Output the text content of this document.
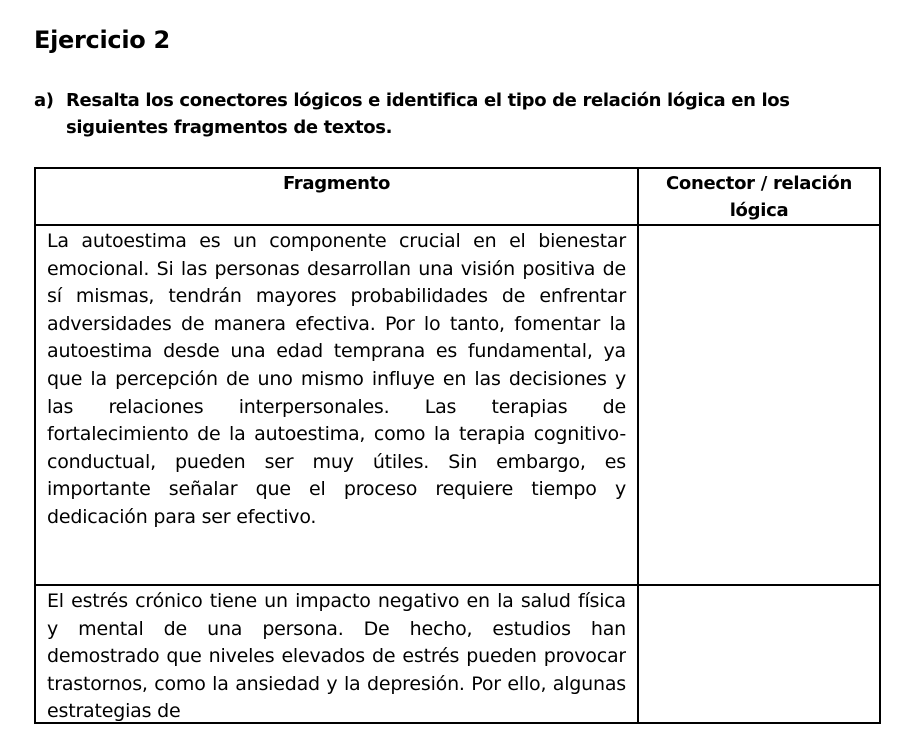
Ejercicio 2
a) Resalta los conectores lógicos e identifica el tipo de relación lógica en los siguientes fragmentos de textos.
Fragmento	Conector / relación lógica
La autoestima es un componente crucial en el bienestar emocional. Si las personas desarrollan una visión positiva de sí mismas, tendrán mayores probabilidades de enfrentar adversidades de manera efectiva. Por lo tanto, fomentar la autoestima desde una edad temprana es fundamental, ya que la percepción de uno mismo influye en las decisiones y las relaciones interpersonales. Las terapias de fortalecimiento de la autoestima, como la terapia cognitivo-conductual, pueden ser muy útiles. Sin embargo, es importante señalar que el proceso requiere tiempo y dedicación para ser efectivo.	

El estrés crónico tiene un impacto negativo en la salud física y mental de una persona. De hecho, estudios han demostrado que niveles elevados de estrés pueden provocar trastornos, como la ansiedad y la depresión. Por ello, algunas estrategias de	
